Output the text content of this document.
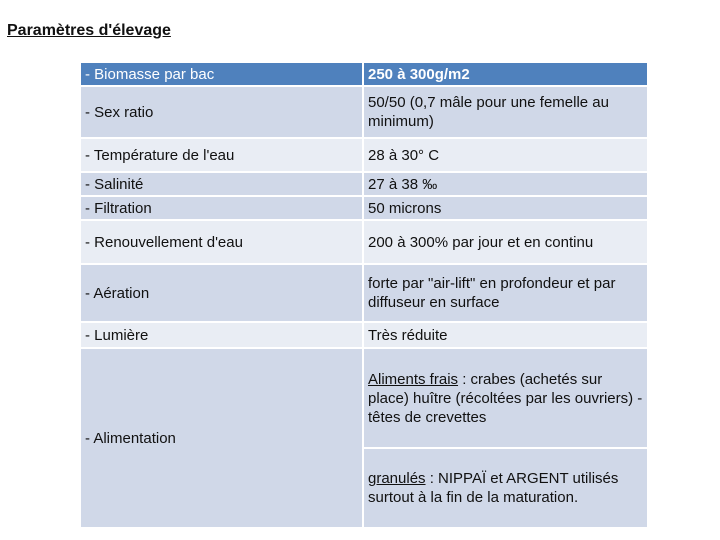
Paramètres d'élevage
- Biomasse par bac	250 à 300g/m2
- Sex ratio	50/50 (0,7 mâle pour une femelle au minimum)
- Température de l'eau	28 à 30° C
- Salinité	27 à 38 ‰
- Filtration	50 microns
- Renouvellement d'eau	200 à 300% par jour et en continu
- Aération	forte par "air-lift" en profondeur et par diffuseur en surface
- Lumière	Très réduite
- Alimentation	Aliments frais : crabes (achetés sur place) huître (récoltées par les ouvriers) - têtes de crevettes
	granulés : NIPPAÏ et ARGENT utilisés surtout à la fin de la maturation.
